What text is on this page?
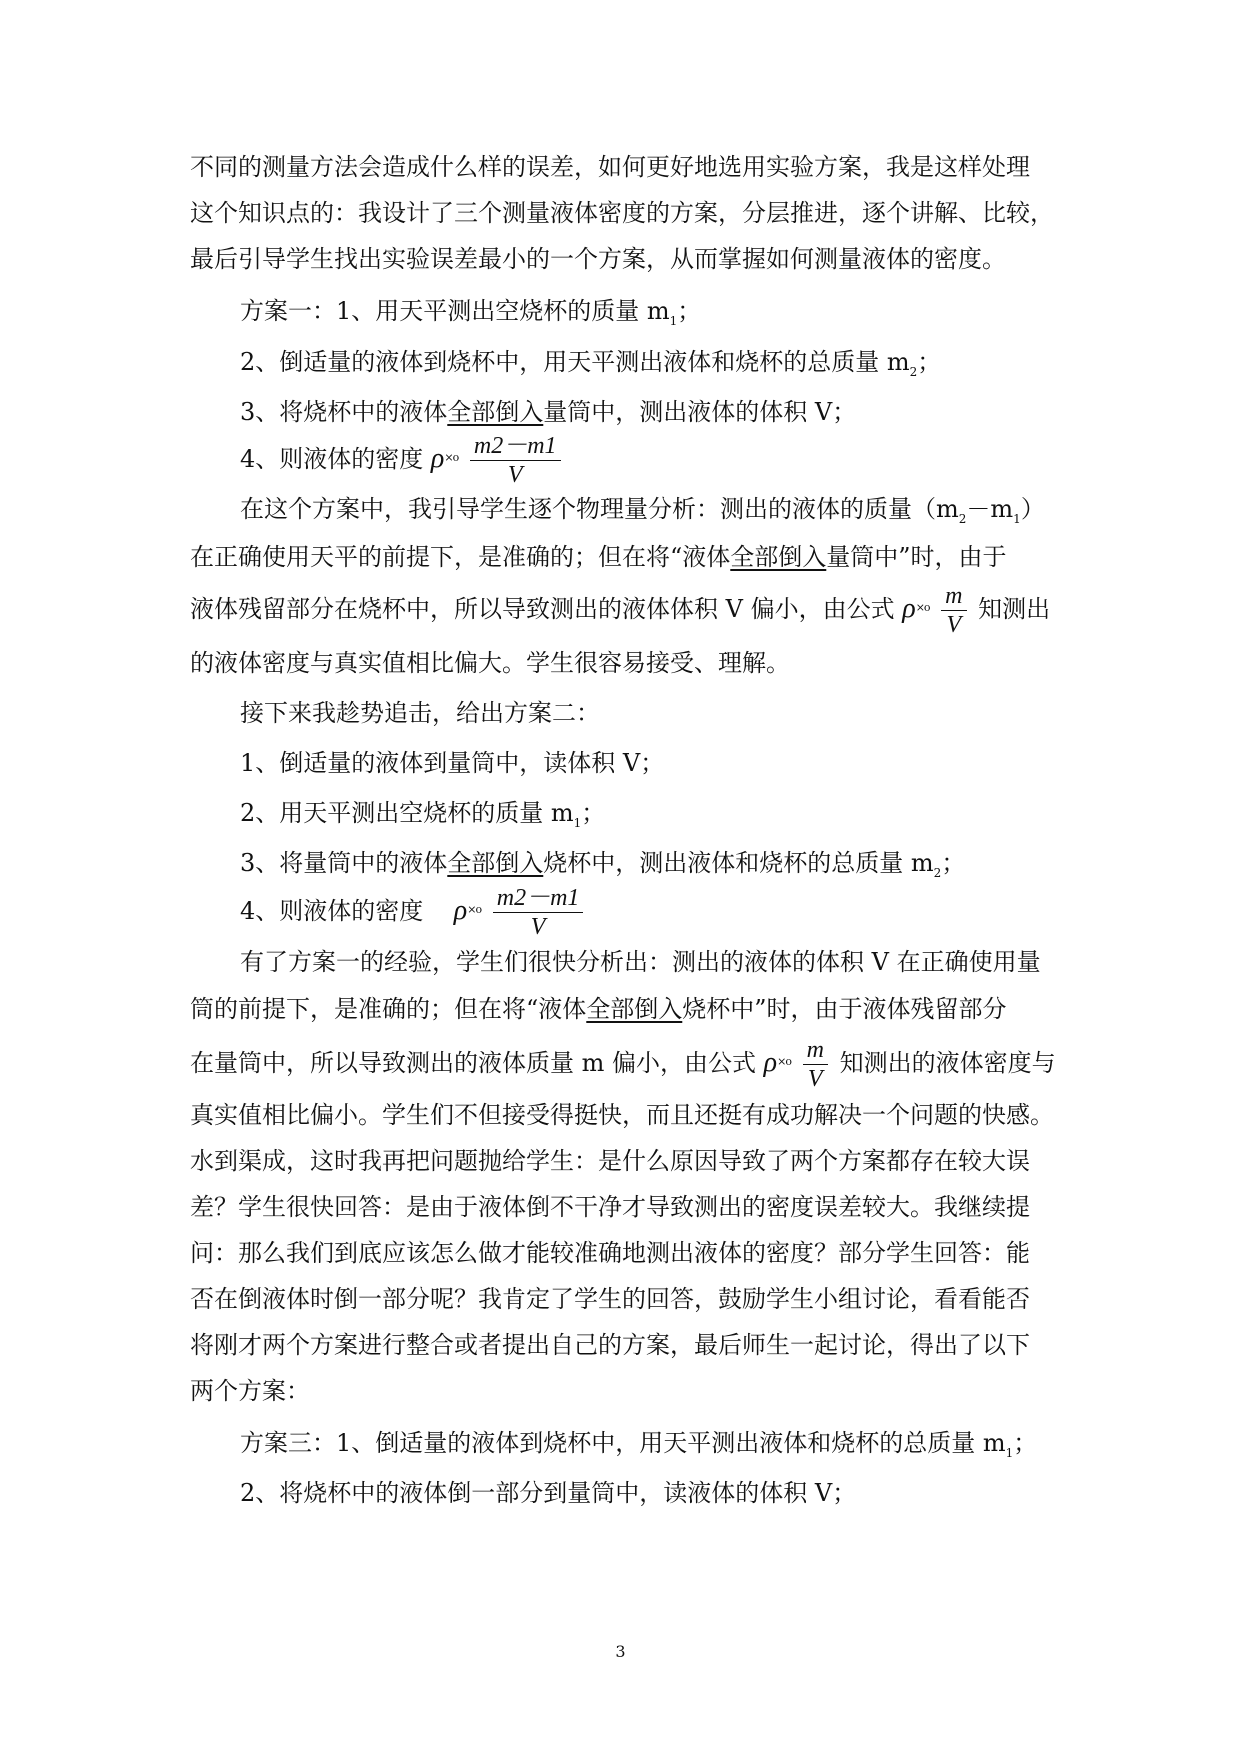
不同的测量方法会造成什么样的误差，如何更好地选用实验方案，我是这样处理
这个知识点的：我设计了三个测量液体密度的方案，分层推进，逐个讲解、比较，
最后引导学生找出实验误差最小的一个方案，从而掌握如何测量液体的密度。
方案一：1、用天平测出空烧杯的质量 $m_1$；
2、倒适量的液体到烧杯中，用天平测出液体和烧杯的总质量 $m_2$；
3、将烧杯中的液体全部倒入量筒中，测出液体的体积 V；
4、则液体的密度 $\rho^{\times o} \frac{m2-m1}{V}$
在这个方案中，我引导学生逐个物理量分析：测出的液体的质量$(m_2-m_1)$
在正确使用天平的前提下，是准确的；但在将“液体全部倒入量筒中”时，由于
液体残留部分在烧杯中，所以导致测出的液体体积 V 偏小，由公式 $\rho^{\times o} \frac{m}{V}$ 知测出
的液体密度与真实值相比偏大。学生很容易接受、理解。
接下来我趁势追击，给出方案二：
1、倒适量的液体到量筒中，读体积 V；
2、用天平测出空烧杯的质量 $m_1$；
3、将量筒中的液体全部倒入烧杯中，测出液体和烧杯的总质量 $m_2$；
4、则液体的密度 $\rho^{\times o} \frac{m2-m1}{V}$
有了方案一的经验，学生们很快分析出：测出的液体的体积 V 在正确使用量
筒的前提下，是准确的；但在将“液体全部倒入烧杯中”时，由于液体残留部分
在量筒中，所以导致测出的液体质量 m 偏小，由公式 $\rho^{\times o} \frac{m}{V}$ 知测出的液体密度与
真实值相比偏小。学生们不但接受得挺快，而且还挺有成功解决一个问题的快感。
水到渠成，这时我再把问题抛给学生：是什么原因导致了两个方案都存在较大误
差？学生很快回答：是由于液体倒不干净才导致测出的密度误差较大。我继续提
问：那么我们到底应该怎么做才能较准确地测出液体的密度？部分学生回答：能
否在倒液体时倒一部分呢？我肯定了学生的回答，鼓励学生小组讨论，看看能否
将刚才两个方案进行整合或者提出自己的方案，最后师生一起讨论，得出了以下
两个方案：
方案三：1、倒适量的液体到烧杯中，用天平测出液体和烧杯的总质量 $m_1$；
2、将烧杯中的液体倒一部分到量筒中，读液体的体积 V；
3
